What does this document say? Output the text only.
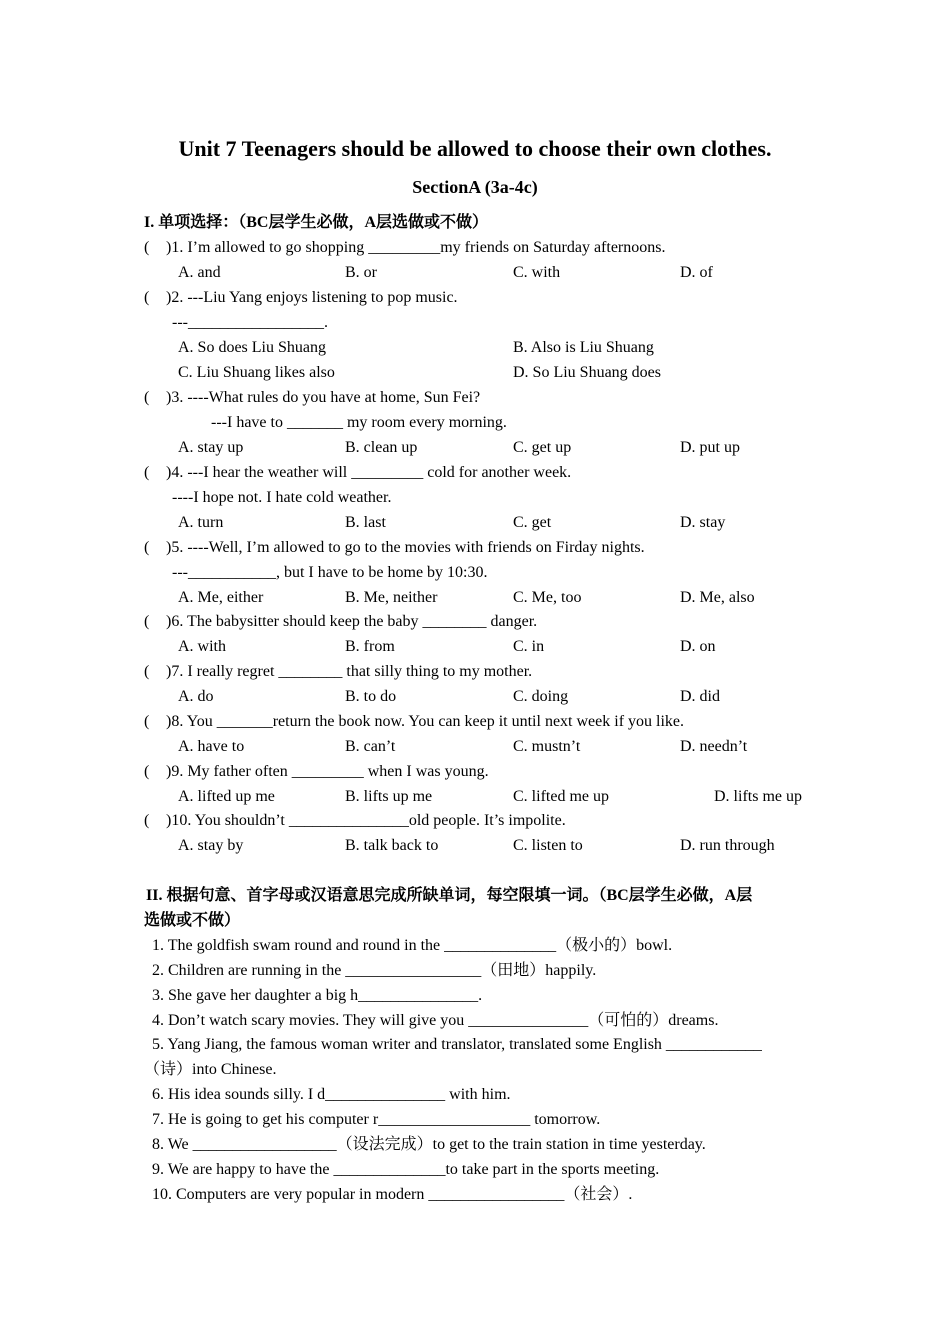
Unit 7 Teenagers should be allowed to choose their own clothes.
SectionA (3a-4c)
I. 单项选择：（BC层学生必做，A层选做或不做）
( )1. I’m allowed to go shopping _________my friends on Saturday afternoons.
A. and	B. or	C. with	D. of
( )2. ---Liu Yang enjoys listening to pop music.
---_________________.
A. So does Liu Shuang	B. Also is Liu Shuang
C. Liu Shuang likes also	D. So Liu Shuang does
( )3. ----What rules do you have at home, Sun Fei?
---I have to _______ my room every morning.
A. stay up	B. clean up	C. get up	D. put up
( )4. ---I hear the weather will _________ cold for another week.
----I hope not. I hate cold weather.
A. turn	B. last	C. get	D. stay
( )5. ----Well, I’m allowed to go to the movies with friends on Firday nights.
---___________, but I have to be home by 10:30.
A. Me, either	B. Me, neither	C. Me, too	D. Me, also
( )6. The babysitter should keep the baby ________ danger.
A. with	B. from	C. in	D. on
( )7. I really regret ________ that silly thing to my mother.
A. do	B. to do	C. doing	D. did
( )8. You _______return the book now. You can keep it until next week if you like.
A. have to	B. can’t	C. mustn’t	D. needn’t
( )9. My father often _________ when I was young.
A. lifted up me	B. lifts up me	C. lifted me up	D. lifts me up
( )10. You shouldn’t _______________old people. It’s impolite.
A. stay by	B. talk back to	C. listen to	D. run through
II. 根据句意、首字母或汉语意思完成所缺单词，每空限填一词。（BC层学生必做，A层
选做或不做）
1. The goldfish swam round and round in the ______________（极小的）bowl.
2. Children are running in the _________________（田地）happily.
3. She gave her daughter a big h_______________.
4. Don’t watch scary movies. They will give you _______________（可怕的）dreams.
5. Yang Jiang, the famous woman writer and translator, translated some English ____________
（诗）into Chinese.
6. His idea sounds silly. I d_______________ with him.
7. He is going to get his computer r___________________ tomorrow.
8. We __________________（设法完成）to get to the train station in time yesterday.
9. We are happy to have the ______________to take part in the sports meeting.
10. Computers are very popular in modern _________________（社会）.
